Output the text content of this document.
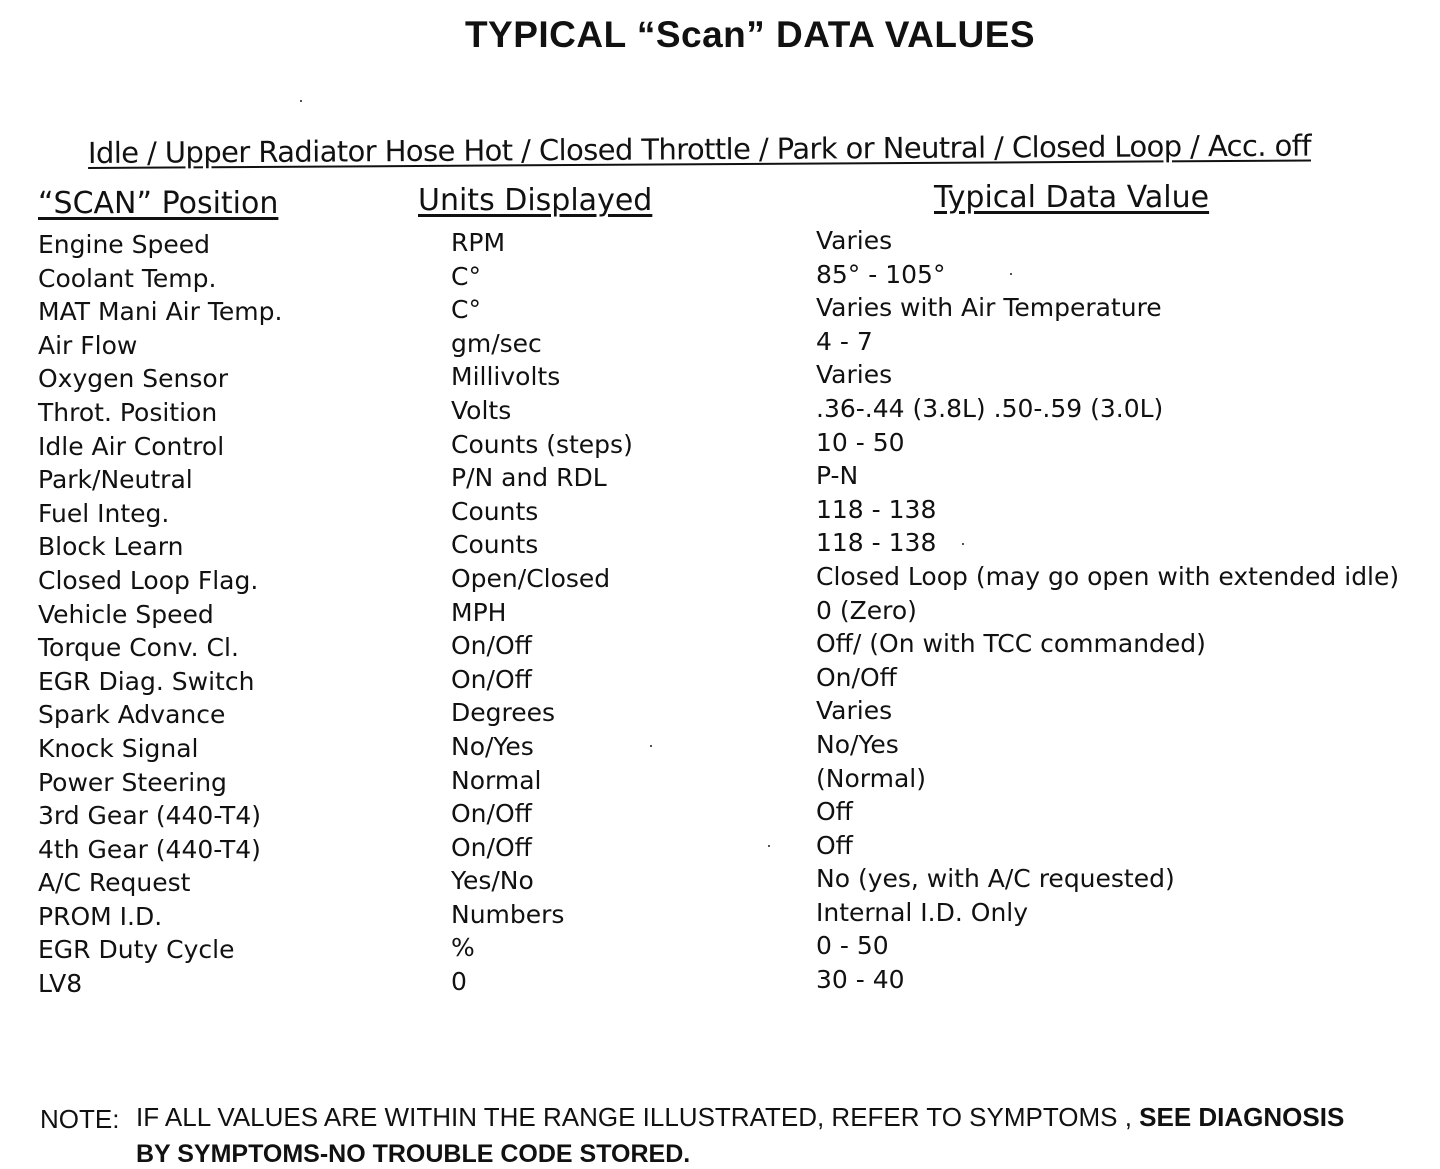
TYPICAL “Scan” DATA VALUES
Idle / Upper Radiator Hose Hot / Closed Throttle / Park or Neutral / Closed Loop / Acc. off
“SCAN” Position	Units Displayed	Typical Data Value
Engine Speed	RPM	Varies
Coolant Temp.	C°	85° - 105°
MAT Mani Air Temp.	C°	Varies with Air Temperature
Air Flow	gm/sec	4 - 7
Oxygen Sensor	Millivolts	Varies
Throt. Position	Volts	.36-.44 (3.8L) .50-.59 (3.0L)
Idle Air Control	Counts (steps)	10 - 50
Park/Neutral	P/N and RDL	P-N
Fuel Integ.	Counts	118 - 138
Block Learn	Counts	118 - 138
Closed Loop Flag.	Open/Closed	Closed Loop (may go open with extended idle)
Vehicle Speed	MPH	0 (Zero)
Torque Conv. Cl.	On/Off	Off/ (On with TCC commanded)
EGR Diag. Switch	On/Off	On/Off
Spark Advance	Degrees	Varies
Knock Signal	No/Yes	No/Yes
Power Steering	Normal	(Normal)
3rd Gear (440-T4)	On/Off	Off
4th Gear (440-T4)	On/Off	Off
A/C Request	Yes/No	No (yes, with A/C requested)
PROM I.D.	Numbers	Internal I.D. Only
EGR Duty Cycle	%	0 - 50
LV8	0	30 - 40
NOTE: IF ALL VALUES ARE WITHIN THE RANGE ILLUSTRATED, REFER TO SYMPTOMS , SEE DIAGNOSIS
BY SYMPTOMS-NO TROUBLE CODE STORED.
